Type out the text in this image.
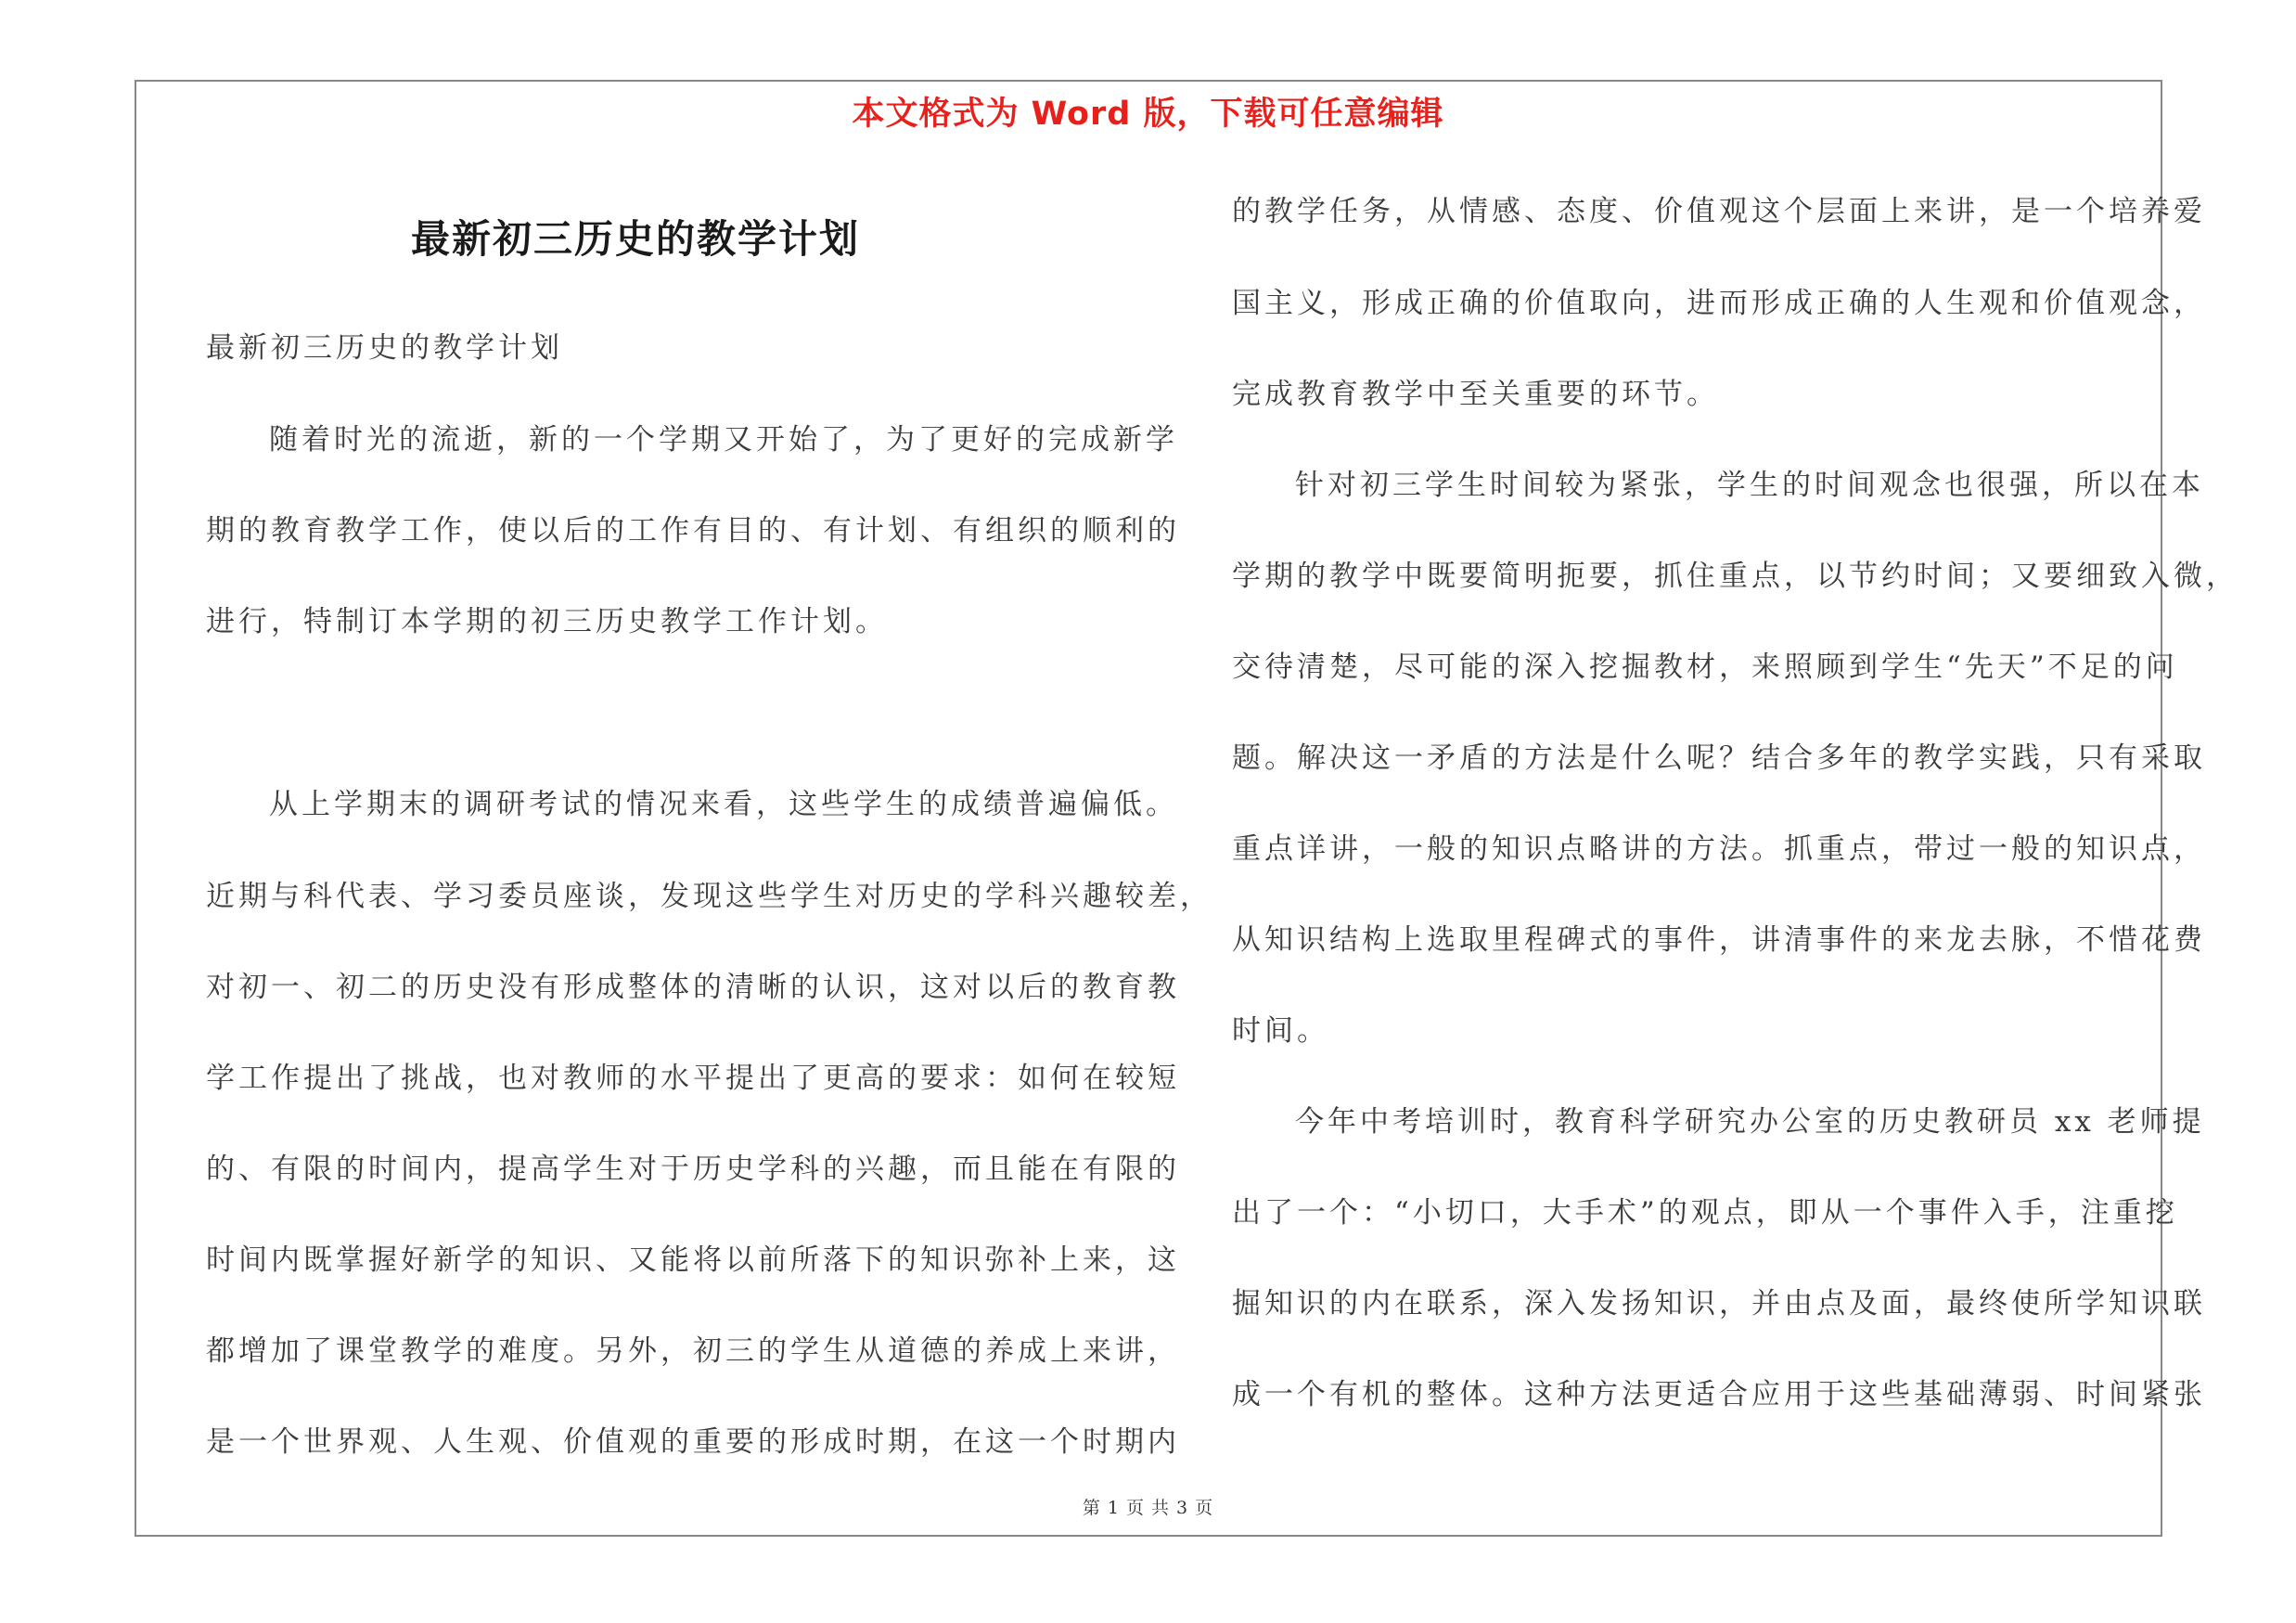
本文格式为 Word 版，下载可任意编辑
最新初三历史的教学计划
最新初三历史的教学计划
随着时光的流逝，新的一个学期又开始了，为了更好的完成新学
期的教育教学工作，使以后的工作有目的、有计划、有组织的顺利的
进行，特制订本学期的初三历史教学工作计划。
从上学期末的调研考试的情况来看，这些学生的成绩普遍偏低。
近期与科代表、学习委员座谈，发现这些学生对历史的学科兴趣较差，
对初一、初二的历史没有形成整体的清晰的认识，这对以后的教育教
学工作提出了挑战，也对教师的水平提出了更高的要求：如何在较短
的、有限的时间内，提高学生对于历史学科的兴趣，而且能在有限的
时间内既掌握好新学的知识、又能将以前所落下的知识弥补上来，这
都增加了课堂教学的难度。另外，初三的学生从道德的养成上来讲，
是一个世界观、人生观、价值观的重要的形成时期，在这一个时期内
的教学任务，从情感、态度、价值观这个层面上来讲，是一个培养爱
国主义，形成正确的价值取向，进而形成正确的人生观和价值观念，
完成教育教学中至关重要的环节。
针对初三学生时间较为紧张，学生的时间观念也很强，所以在本
学期的教学中既要简明扼要，抓住重点，以节约时间；又要细致入微，
交待清楚，尽可能的深入挖掘教材，来照顾到学生“先天”不足的问
题。解决这一矛盾的方法是什么呢？结合多年的教学实践，只有采取
重点详讲，一般的知识点略讲的方法。抓重点，带过一般的知识点，
从知识结构上选取里程碑式的事件，讲清事件的来龙去脉，不惜花费
时间。
今年中考培训时，教育科学研究办公室的历史教研员 xx 老师提
出了一个：“小切口，大手术”的观点，即从一个事件入手，注重挖
掘知识的内在联系，深入发扬知识，并由点及面，最终使所学知识联
成一个有机的整体。这种方法更适合应用于这些基础薄弱、时间紧张
第 1 页 共 3 页
